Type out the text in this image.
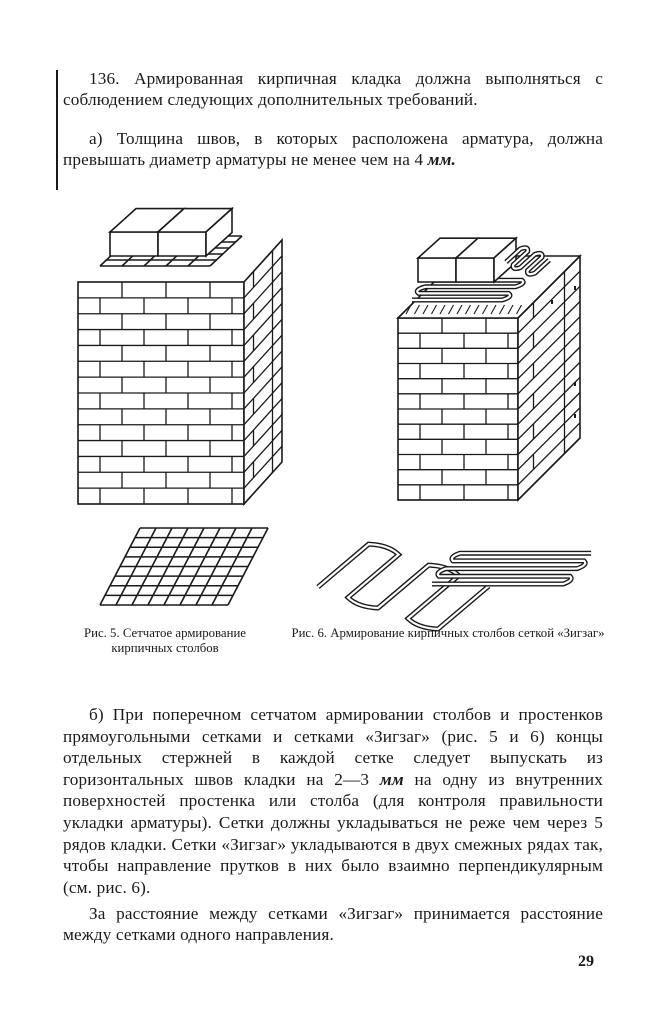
136. Армированная кирпичная кладка должна выполняться с соблюдением следующих дополнительных требований.

а) Толщина швов, в которых расположена арматура, должна превышать диаметр арматуры не менее чем на 4 мм.

Рис. 5. Сетчатое армирование кирпичных столбов

Рис. 6. Армирование кирпичных столбов сеткой «Зигзаг»

б) При поперечном сетчатом армировании столбов и простенков прямоугольными сетками и сетками «Зигзаг» (рис. 5 и 6) концы отдельных стержней в каждой сетке следует выпускать из горизонтальных швов кладки на 2—3 мм на одну из внутренних поверхностей простенка или столба (для контроля правильности укладки арматуры). Сетки должны укладываться не реже чем через 5 рядов кладки. Сетки «Зигзаг» укладываются в двух смежных рядах так, чтобы направление прутков в них было взаимно перпендикулярным (см. рис. 6).

За расстояние между сетками «Зигзаг» принимается расстояние между сетками одного направления.

29
